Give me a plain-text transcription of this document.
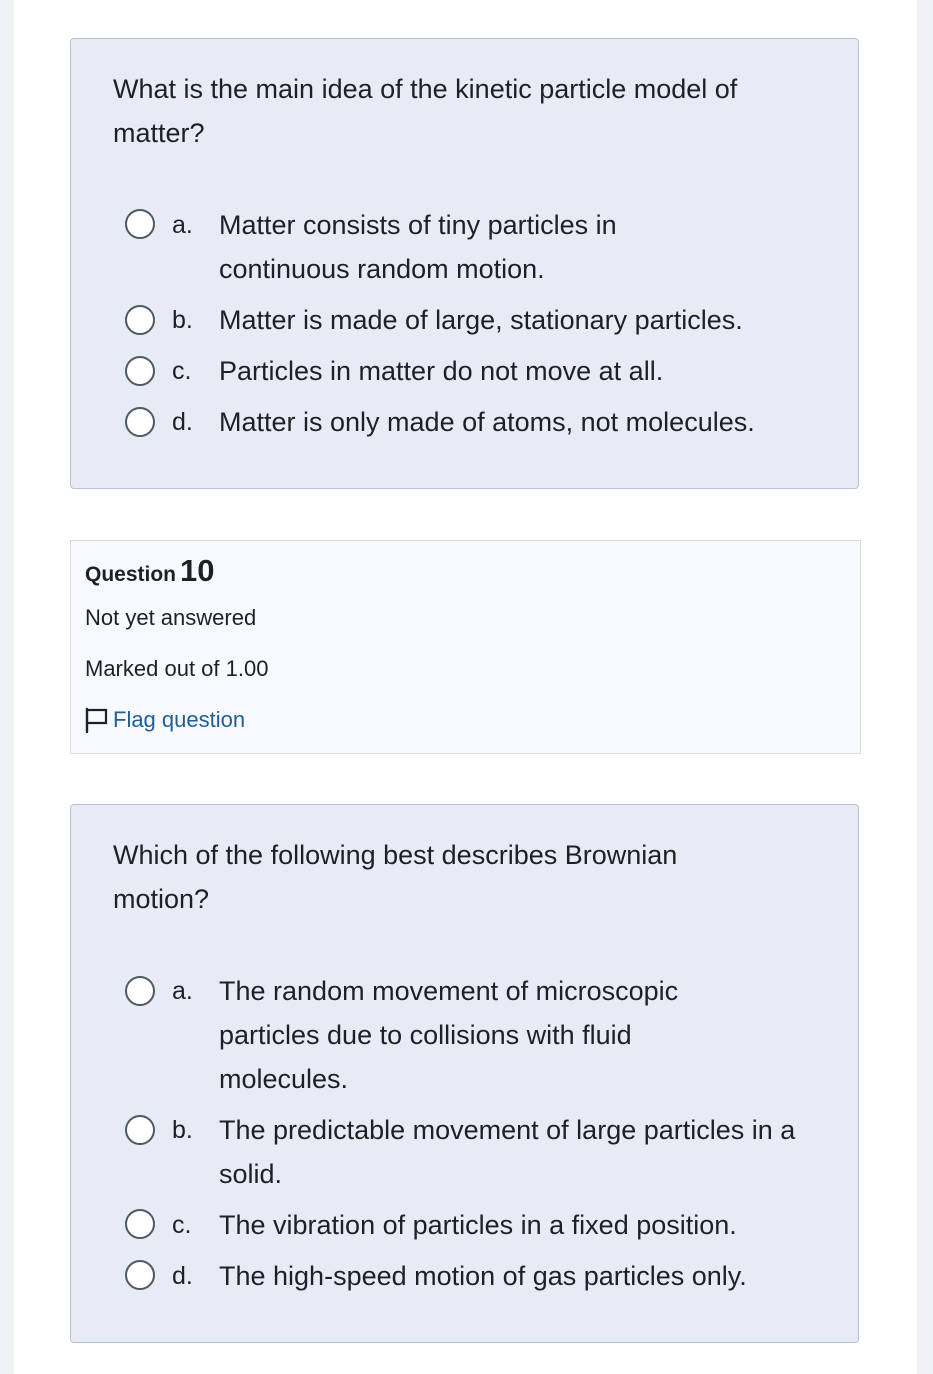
What is the main idea of the kinetic particle model of matter?

a. Matter consists of tiny particles in continuous random motion.
b. Matter is made of large, stationary particles.
c. Particles in matter do not move at all.
d. Matter is only made of atoms, not molecules.
Question 10
Not yet answered
Marked out of 1.00
Flag question

Which of the following best describes Brownian motion?

a. The random movement of microscopic particles due to collisions with fluid molecules.
b. The predictable movement of large particles in a solid.
c. The vibration of particles in a fixed position.
d. The high-speed motion of gas particles only.
